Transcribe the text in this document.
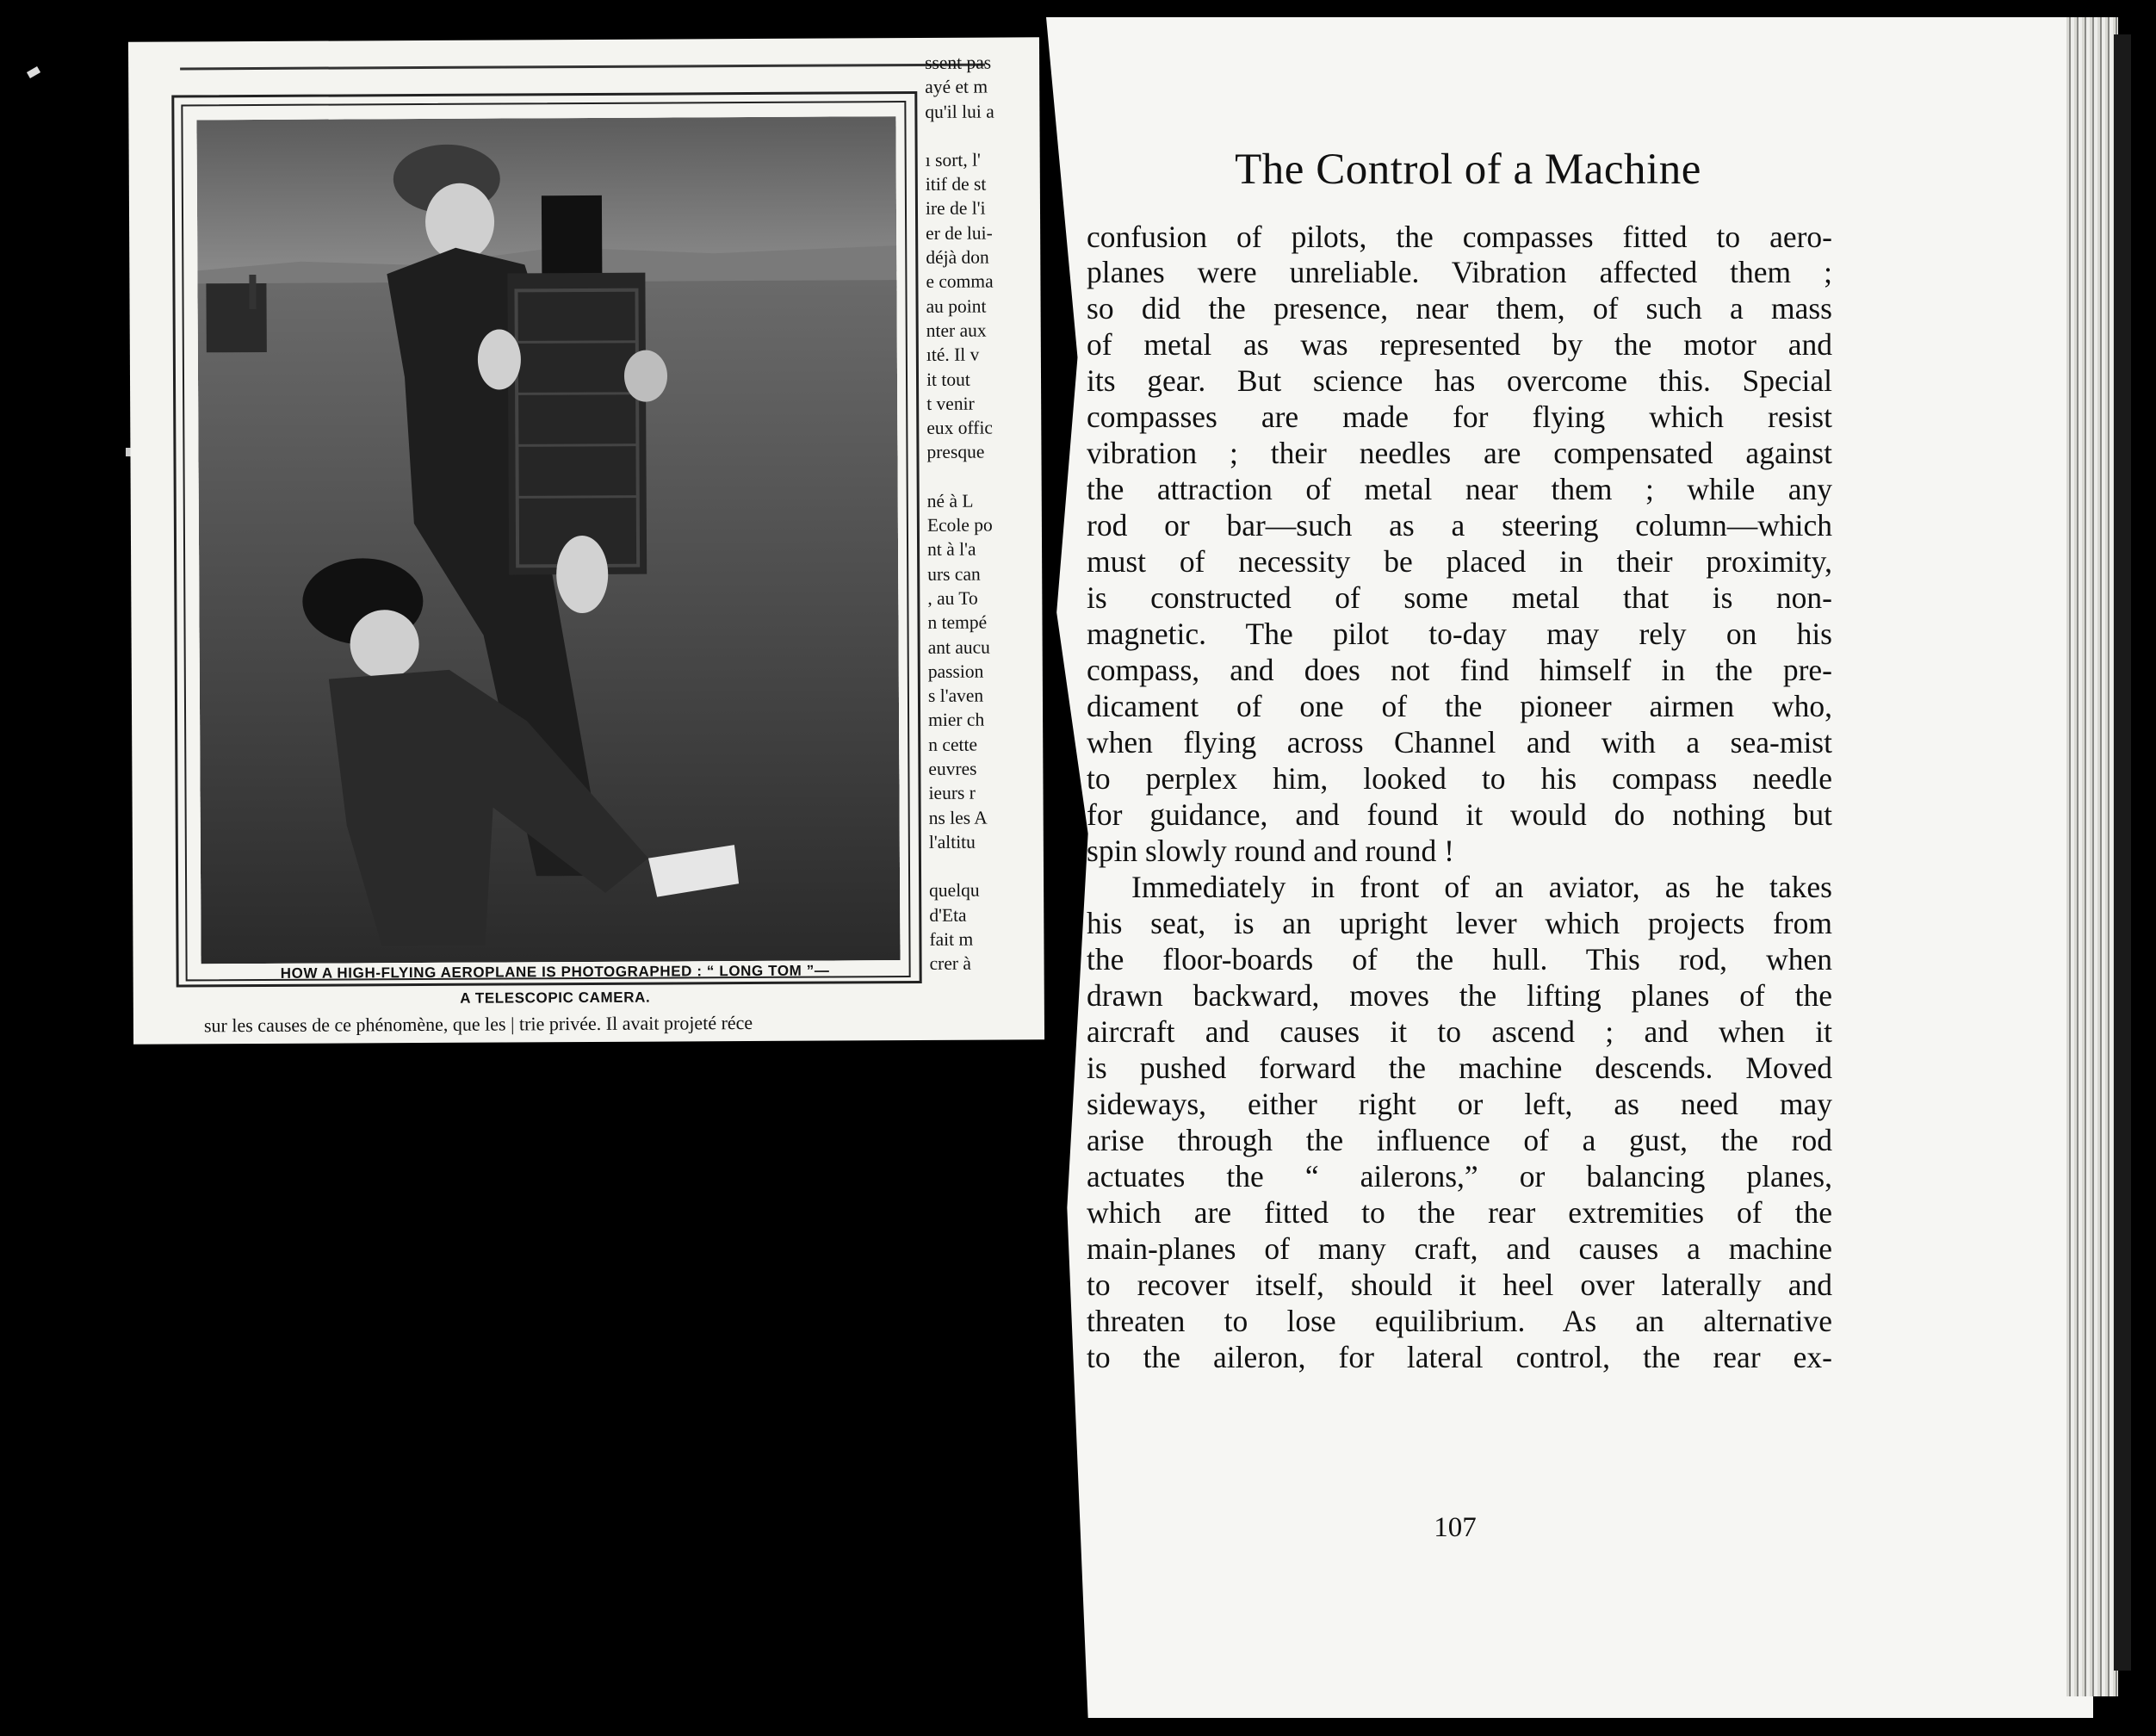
The Control of a Machine
confusion of pilots, the compasses fitted to aero-
planes were unreliable. Vibration affected them ;
so did the presence, near them, of such a mass
of metal as was represented by the motor and
its gear. But science has overcome this. Special
compasses are made for flying which resist
vibration ; their needles are compensated against
the attraction of metal near them ; while any
rod or bar—such as a steering column—which
must of necessity be placed in their proximity,
is constructed of some metal that is non-
magnetic. The pilot to-day may rely on his
compass, and does not find himself in the pre-
dicament of one of the pioneer airmen who,
when flying across Channel and with a sea-mist
to perplex him, looked to his compass needle
for guidance, and found it would do nothing but
spin slowly round and round !
Immediately in front of an aviator, as he takes
his seat, is an upright lever which projects from
the floor-boards of the hull. This rod, when
drawn backward, moves the lifting planes of the
aircraft and causes it to ascend ; and when it
is pushed forward the machine descends. Moved
sideways, either right or left, as need may
arise through the influence of a gust, the rod
actuates the “ ailerons,” or balancing planes,
which are fitted to the rear extremities of the
main-planes of many craft, and causes a machine
to recover itself, should it heel over laterally and
threaten to lose equilibrium. As an alternative
to the aileron, for lateral control, the rear ex-
107
HOW A HIGH-FLYING AEROPLANE IS PHOTOGRAPHED : “ LONG TOM ”—
A TELESCOPIC CAMERA.
sur les causes de ce phénomène, que les | trie privée. Il avait projeté réce
ssent pas
ayé et m
qu'il lui a
ı sort, l'
itif de st
ire de l'i
er de lui-
déjà don
e comma
au point
nter aux
ıté. Il v
it tout
t venir
eux offic
presque
né à L
Ecole po
nt à l'a
urs can
, au To
n tempé
ant aucu
passion
s l'aven
mier ch
n cette
euvres
ieurs r
ns les A
l'altitu
quelqu
d'Eta
fait m
crer à
